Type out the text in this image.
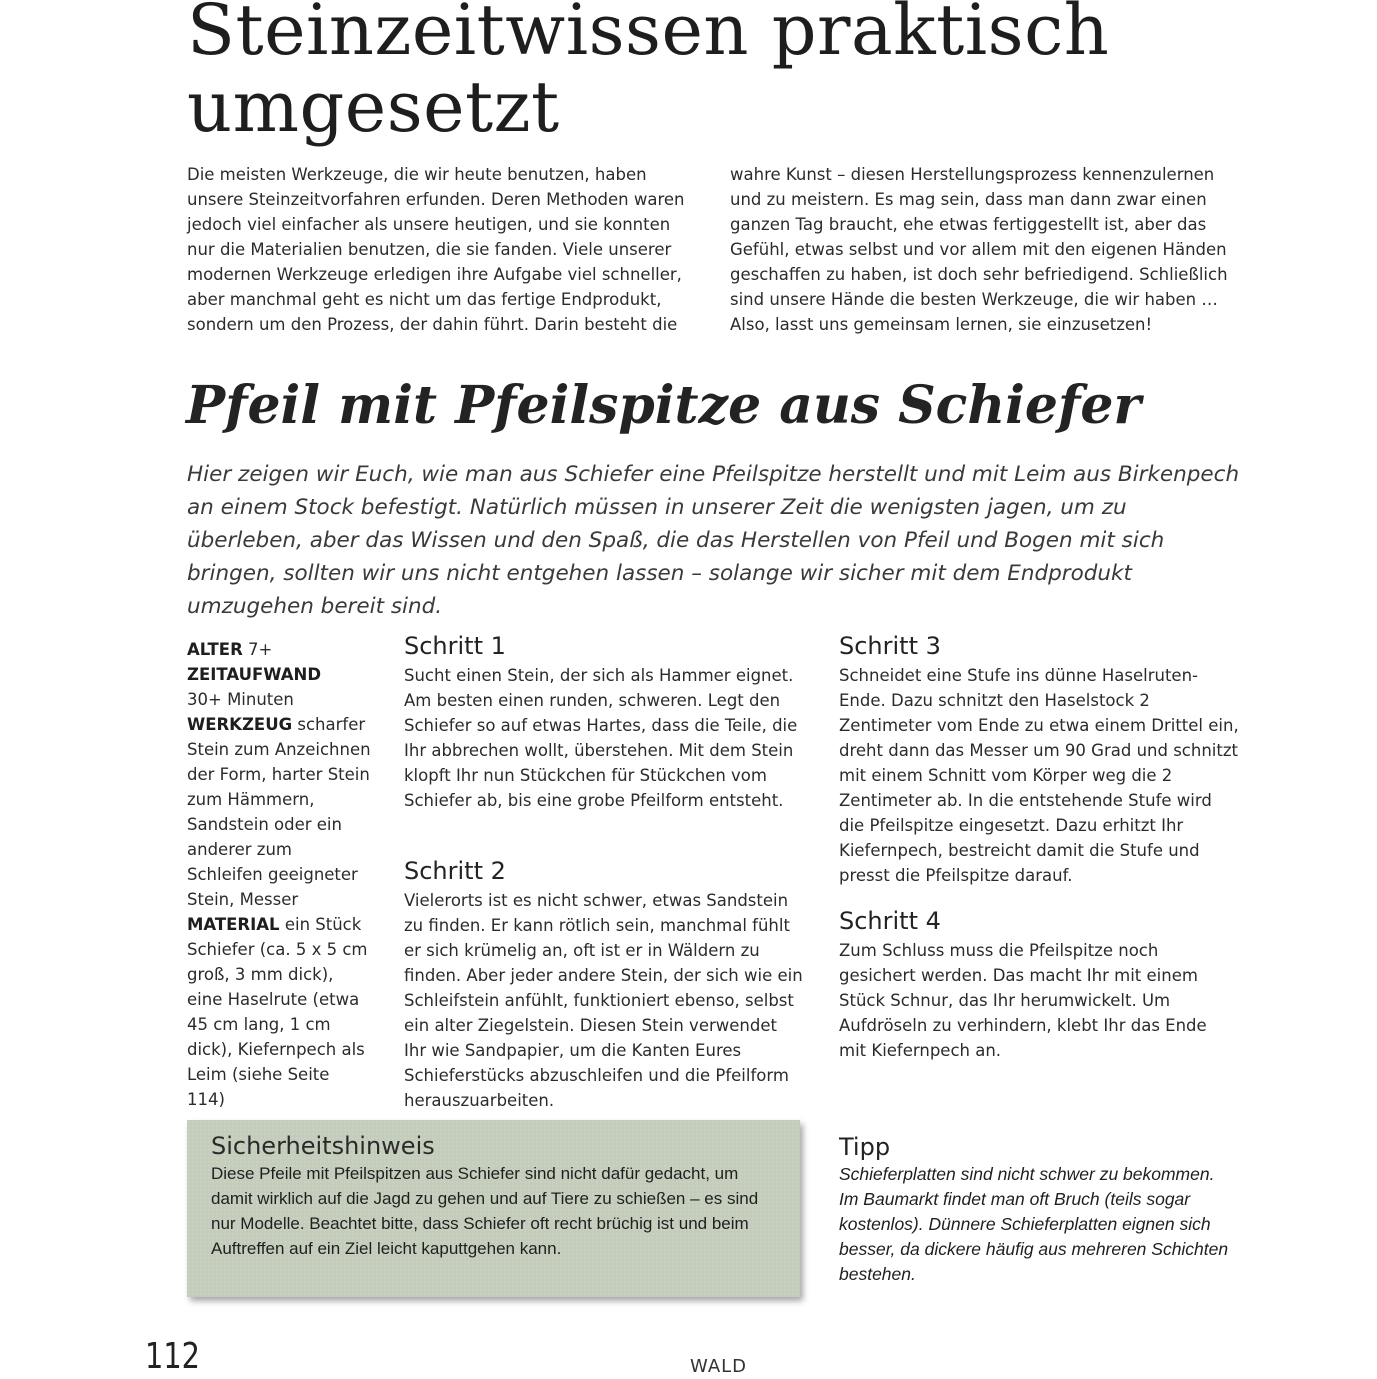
Steinzeitwissen praktisch
umgesetzt
Die meisten Werkzeuge, die wir heute benutzen, haben unsere Steinzeitvorfahren erfunden. Deren Methoden waren jedoch viel einfacher als unsere heutigen, und sie konnten nur die Materialien benutzen, die sie fanden. Viele unserer modernen Werkzeuge erledigen ihre Aufgabe viel schneller, aber manchmal geht es nicht um das fertige Endprodukt, sondern um den Prozess, der dahin führt. Darin besteht die
wahre Kunst – diesen Herstellungsprozess kennenzulernen und zu meistern. Es mag sein, dass man dann zwar einen ganzen Tag braucht, ehe etwas fertiggestellt ist, aber das Gefühl, etwas selbst und vor allem mit den eigenen Händen geschaffen zu haben, ist doch sehr befriedigend. Schließlich sind unsere Hände die besten Werkzeuge, die wir haben … Also, lasst uns gemeinsam lernen, sie einzusetzen!
Pfeil mit Pfeilspitze aus Schiefer
Hier zeigen wir Euch, wie man aus Schiefer eine Pfeilspitze herstellt und mit Leim aus Birkenpech an einem Stock befestigt. Natürlich müssen in unserer Zeit die wenigsten jagen, um zu überleben, aber das Wissen und den Spaß, die das Herstellen von Pfeil und Bogen mit sich bringen, sollten wir uns nicht entgehen lassen – solange wir sicher mit dem Endprodukt umzugehen bereit sind.
ALTER 7+
ZEITAUFWAND
30+ Minuten
WERKZEUG scharfer Stein zum Anzeichnen der Form, harter Stein zum Hämmern, Sandstein oder ein anderer zum Schleifen geeigneter Stein, Messer
MATERIAL ein Stück Schiefer (ca. 5 x 5 cm groß, 3 mm dick), eine Haselrute (etwa 45 cm lang, 1 cm dick), Kiefernpech als Leim (siehe Seite 114)
Schritt 1
Sucht einen Stein, der sich als Hammer eignet. Am besten einen runden, schweren. Legt den Schiefer so auf etwas Hartes, dass die Teile, die Ihr abbrechen wollt, überstehen. Mit dem Stein klopft Ihr nun Stückchen für Stückchen vom Schiefer ab, bis eine grobe Pfeilform entsteht.
Schritt 2
Vielerorts ist es nicht schwer, etwas Sandstein zu finden. Er kann rötlich sein, manchmal fühlt er sich krümelig an, oft ist er in Wäldern zu finden. Aber jeder andere Stein, der sich wie ein Schleifstein anfühlt, funktioniert ebenso, selbst ein alter Ziegelstein. Diesen Stein verwendet Ihr wie Sandpapier, um die Kanten Eures Schieferstücks abzuschleifen und die Pfeilform herauszuarbeiten.
Schritt 3
Schneidet eine Stufe ins dünne Haselruten-Ende. Dazu schnitzt den Haselstock 2 Zentimeter vom Ende zu etwa einem Drittel ein, dreht dann das Messer um 90 Grad und schnitzt mit einem Schnitt vom Körper weg die 2 Zentimeter ab. In die entstehende Stufe wird die Pfeilspitze eingesetzt. Dazu erhitzt Ihr Kiefernpech, bestreicht damit die Stufe und presst die Pfeilspitze darauf.
Schritt 4
Zum Schluss muss die Pfeilspitze noch gesichert werden. Das macht Ihr mit einem Stück Schnur, das Ihr herumwickelt. Um Aufdröseln zu verhindern, klebt Ihr das Ende mit Kiefernpech an.
Sicherheitshinweis
Diese Pfeile mit Pfeilspitzen aus Schiefer sind nicht dafür gedacht, um damit wirklich auf die Jagd zu gehen und auf Tiere zu schießen – es sind nur Modelle. Beachtet bitte, dass Schiefer oft recht brüchig ist und beim Auftreffen auf ein Ziel leicht kaputtgehen kann.
Tipp
Schieferplatten sind nicht schwer zu bekommen. Im Baumarkt findet man oft Bruch (teils sogar kostenlos). Dünnere Schieferplatten eignen sich besser, da dickere häufig aus mehreren Schichten bestehen.
112	WALD
